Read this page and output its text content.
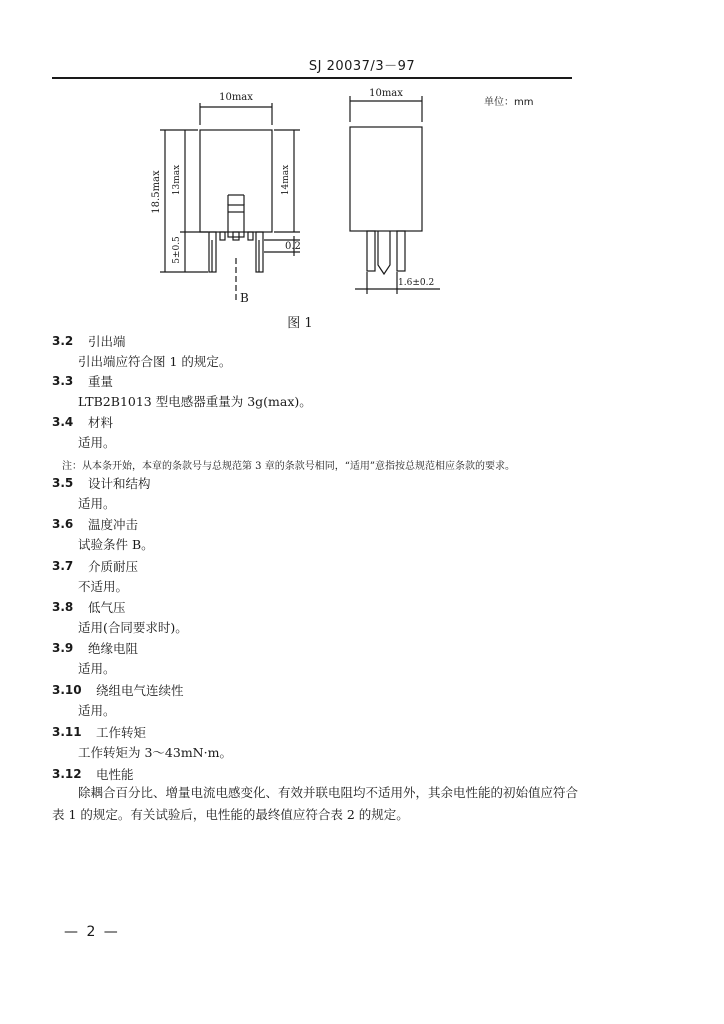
SJ 20037/3－97
10max	10max
18.5max 13max	14max
5±0.5	0.2
1.6±0.2
B
单位：mm
图 1
3.2	引出端
引出端应符合图 1 的规定。
3.3	重量
LTB2B1013 型电感器重量为 3g(max)。
3.4	材料
适用。
注：从本条开始，本章的条款号与总规范第 3 章的条款号相同，“适用”意指按总规范相应条款的要求。
3.5	设计和结构
适用。
3.6	温度冲击
试验条件 B。
3.7	介质耐压
不适用。
3.8	低气压
适用(合同要求时)。
3.9	绝缘电阻
适用。
3.10	绕组电气连续性
适用。
3.11	工作转矩
工作转矩为 3～43mN·m。
3.12	电性能
除耦合百分比、增量电流电感变化、有效并联电阻均不适用外，其余电性能的初始值应符合表 1 的规定。有关试验后，电性能的最终值应符合表 2 的规定。
— 2 —
